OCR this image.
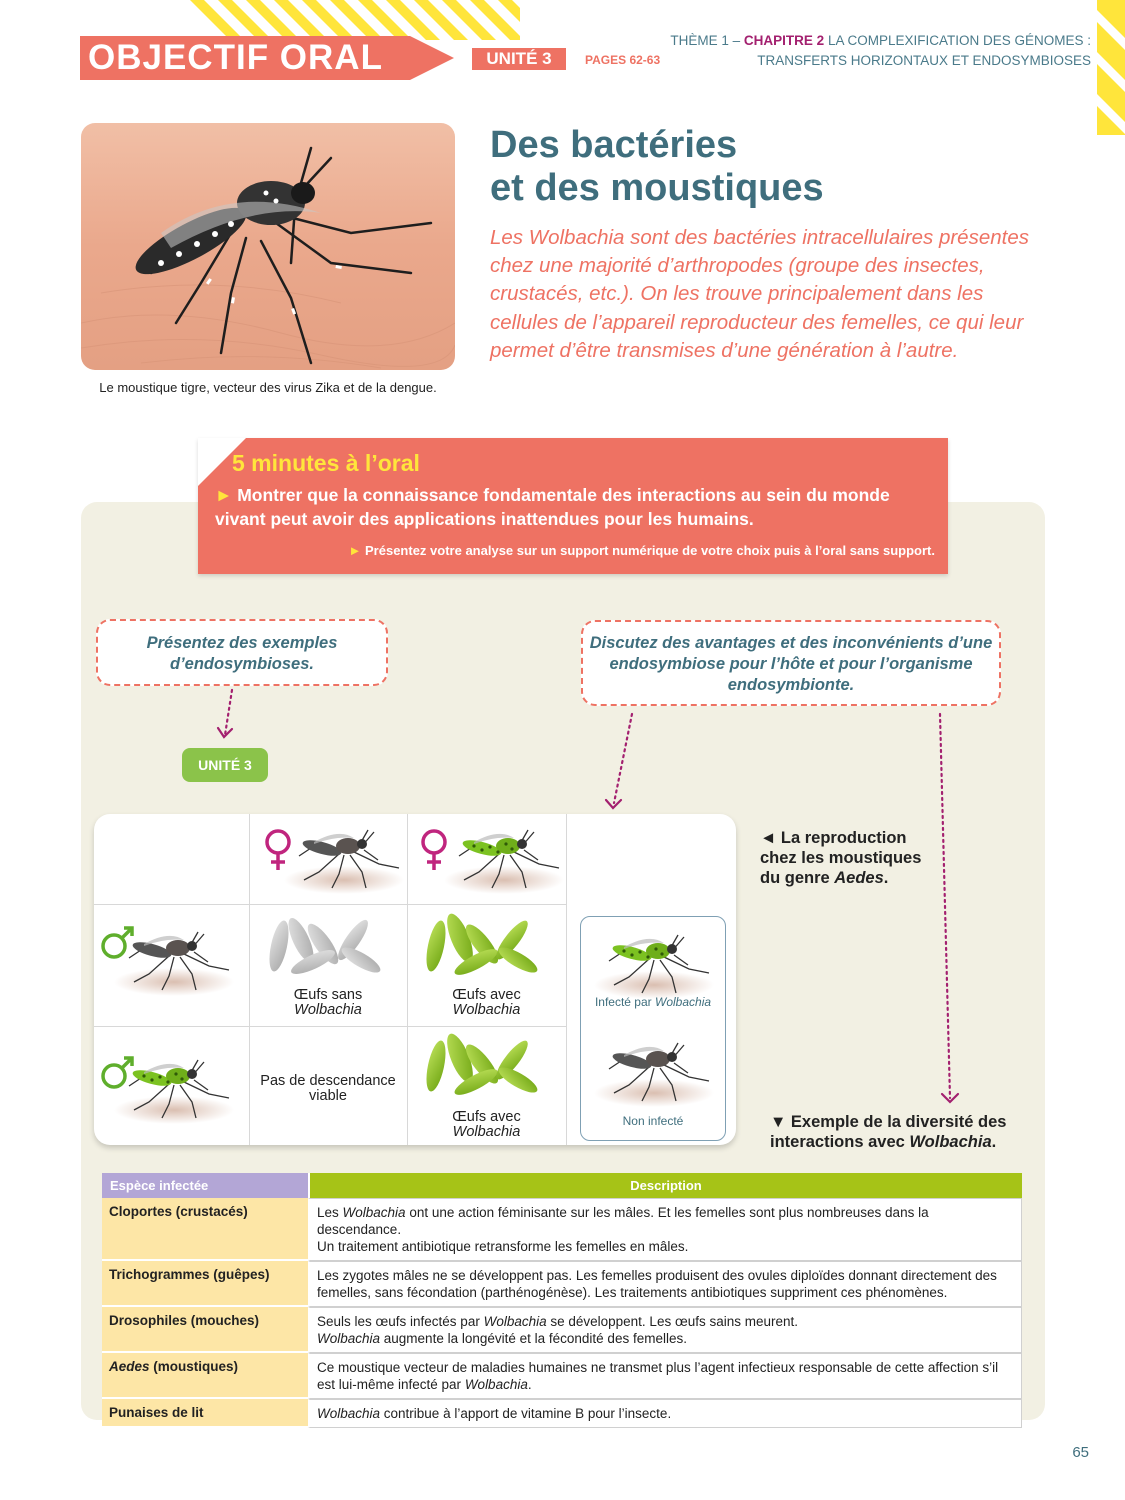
OBJECTIF ORAL	UNITÉ 3	PAGES 62-63
THÈME 1 – CHAPITRE 2 LA COMPLEXIFICATION DES GÉNOMES :
TRANSFERTS HORIZONTAUX ET ENDOSYMBIOSES
Le moustique tigre, vecteur des virus Zika et de la dengue.
Des bactéries
et des moustiques
Les Wolbachia sont des bactéries intracellulaires présentes chez une majorité d’arthropodes (groupe des insectes, crustacés, etc.). On les trouve principalement dans les cellules de l’appareil reproducteur des femelles, ce qui leur permet d’être transmises d’une génération à l’autre.
5 minutes à l’oral
► Montrer que la connaissance fondamentale des interactions au sein du monde vivant peut avoir des applications inattendues pour les humains.
► Présentez votre analyse sur un support numérique de votre choix puis à l’oral sans support.
Présentez des exemples d’endosymbioses.
Discutez des avantages et des inconvénients d’une endosymbiose pour l’hôte et pour l’organisme endosymbionte.
UNITÉ 3
Œufs sans
Wolbachia
Œufs avec
Wolbachia
Pas de descendance
viable
Œufs avec
Wolbachia
Infecté par Wolbachia
Non infecté
◄ La reproduction
chez les moustiques
du genre Aedes.
▼ Exemple de la diversité des
interactions avec Wolbachia.
Espèce infectée	Description
Cloportes (crustacés)	Les Wolbachia ont une action féminisante sur les mâles. Et les femelles sont plus nombreuses dans la descendance.
Un traitement antibiotique retransforme les femelles en mâles.

Trichogrammes (guêpes)	Les zygotes mâles ne se développent pas. Les femelles produisent des ovules diploïdes donnant directement des
femelles, sans fécondation (parthénogénèse). Les traitements antibiotiques suppriment ces phénomènes.

Drosophiles (mouches)	Seuls les œufs infectés par Wolbachia se développent. Les œufs sains meurent.
Wolbachia augmente la longévité et la fécondité des femelles.

Aedes (moustiques)	Ce moustique vecteur de maladies humaines ne transmet plus l’agent infectieux responsable de cette affection s’il
est lui-même infecté par Wolbachia.

Punaises de lit	Wolbachia contribue à l’apport de vitamine B pour l’insecte.
65
